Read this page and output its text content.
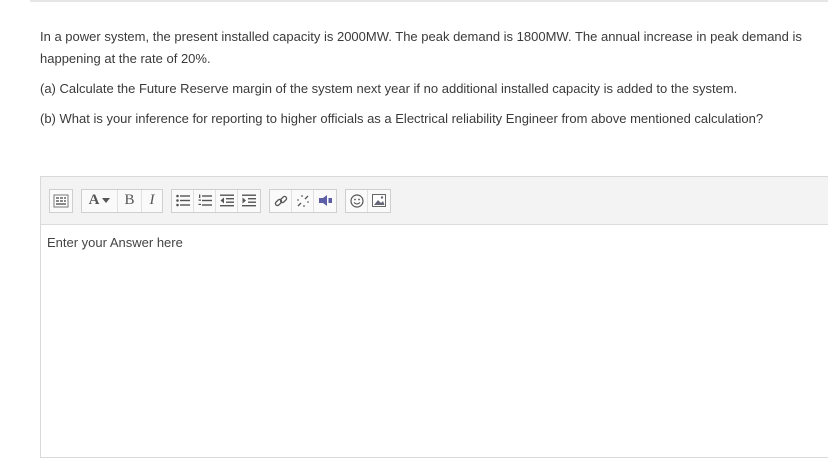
In a power system, the present installed capacity is 2000MW. The peak demand is 1800MW. The annual increase in peak demand is happening at the rate of 20%.

(a) Calculate the Future Reserve margin of the system next year if no additional installed capacity is added to the system.

(b) What is your inference for reporting to higher officials as a Electrical reliability Engineer from above mentioned calculation?

A B I
Enter your Answer here
